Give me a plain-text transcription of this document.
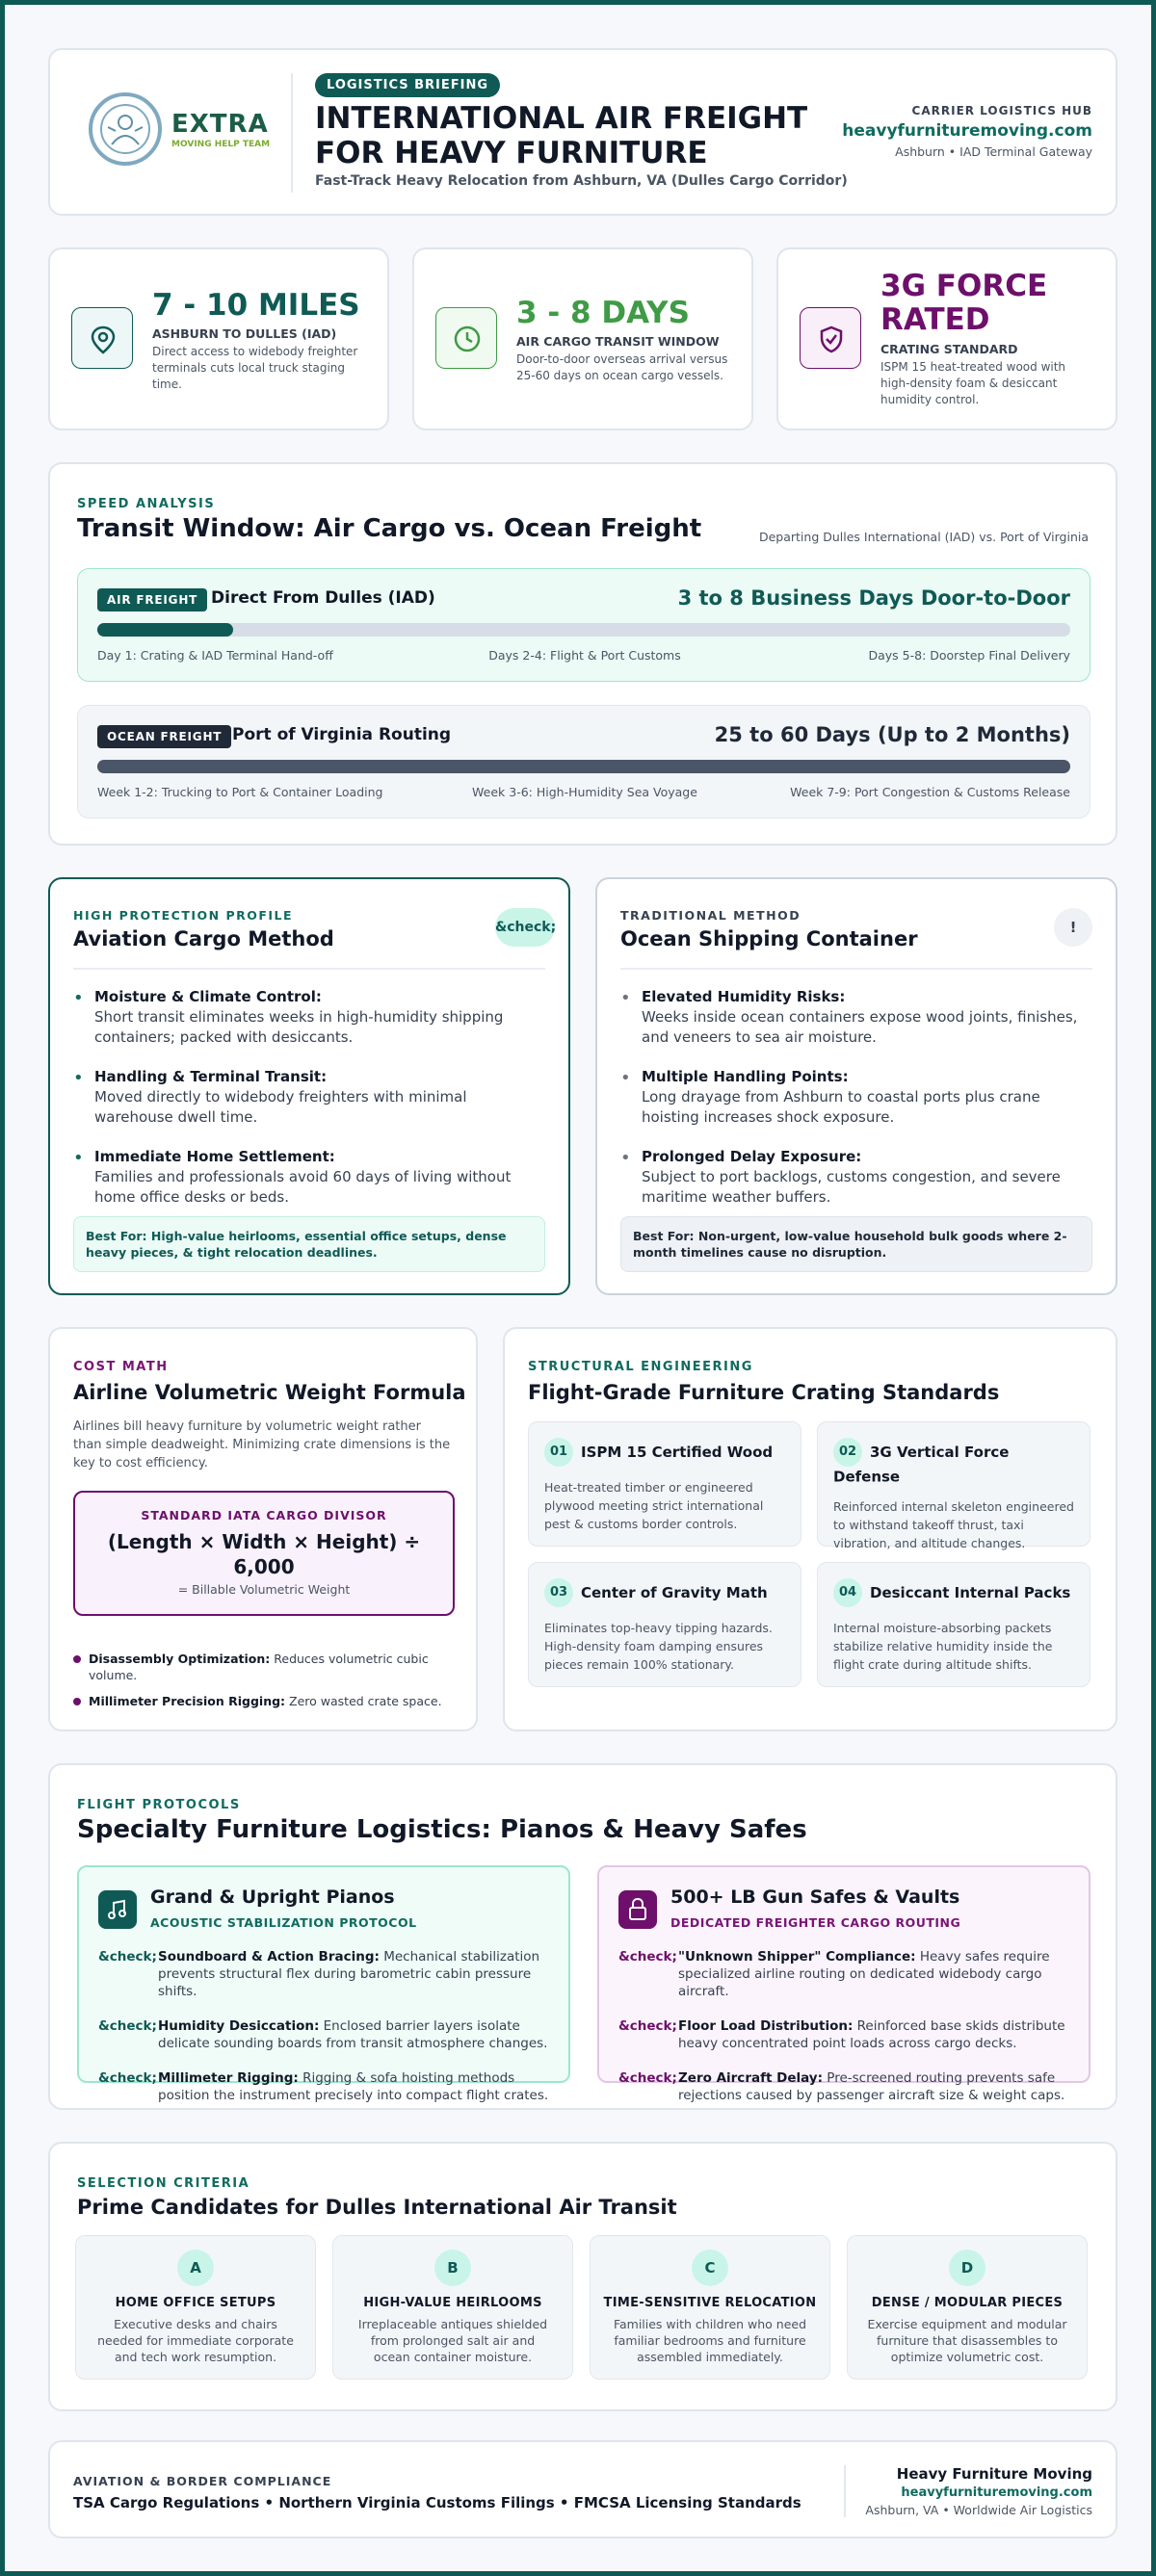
EXTRA
MOVING HELP TEAM
LOGISTICS BRIEFING
INTERNATIONAL AIR FREIGHT
FOR HEAVY FURNITURE
Fast-Track Heavy Relocation from Ashburn, VA (Dulles Cargo Corridor)
CARRIER LOGISTICS HUB
heavyfurnituremoving.com
Ashburn • IAD Terminal Gateway
7 - 10 MILES
ASHBURN TO DULLES (IAD)
Direct access to widebody freighter terminals cuts local truck staging time.
3 - 8 DAYS
AIR CARGO TRANSIT WINDOW
Door-to-door overseas arrival versus 25-60 days on ocean cargo vessels.
3G FORCE
RATED
CRATING STANDARD
ISPM 15 heat-treated wood with high-density foam & desiccant humidity control.
SPEED ANALYSIS
Transit Window: Air Cargo vs. Ocean Freight	Departing Dulles International (IAD) vs. Port of Virginia
AIR FREIGHT Direct From Dulles (IAD)	3 to 8 Business Days Door-to-Door
Day 1: Crating & IAD Terminal Hand-off	Days 2-4: Flight & Port Customs	Days 5-8: Doorstep Final Delivery
OCEAN FREIGHT Port of Virginia Routing	25 to 60 Days (Up to 2 Months)
Week 1-2: Trucking to Port & Container Loading	Week 3-6: High-Humidity Sea Voyage	Week 7-9: Port Congestion & Customs Release
HIGH PROTECTION PROFILE
Aviation Cargo Method	&check;
• Moisture & Climate Control:
Short transit eliminates weeks in high-humidity shipping containers; packed with desiccants.
• Handling & Terminal Transit:
Moved directly to widebody freighters with minimal warehouse dwell time.
• Immediate Home Settlement:
Families and professionals avoid 60 days of living without home office desks or beds.
Best For: High-value heirlooms, essential office setups, dense heavy pieces, & tight relocation deadlines.
TRADITIONAL METHOD
Ocean Shipping Container	!
• Elevated Humidity Risks:
Weeks inside ocean containers expose wood joints, finishes, and veneers to sea air moisture.
• Multiple Handling Points:
Long drayage from Ashburn to coastal ports plus crane hoisting increases shock exposure.
• Prolonged Delay Exposure:
Subject to port backlogs, customs congestion, and severe maritime weather buffers.
Best For: Non-urgent, low-value household bulk goods where 2-month timelines cause no disruption.
COST MATH
Airline Volumetric Weight Formula
Airlines bill heavy furniture by volumetric weight rather than simple deadweight. Minimizing crate dimensions is the key to cost efficiency.
STANDARD IATA CARGO DIVISOR
(Length × Width × Height) ÷
6,000
= Billable Volumetric Weight
Disassembly Optimization: Reduces volumetric cubic volume.
Millimeter Precision Rigging: Zero wasted crate space.
STRUCTURAL ENGINEERING
Flight-Grade Furniture Crating Standards
01 ISPM 15 Certified Wood
Heat-treated timber or engineered plywood meeting strict international pest & customs border controls.
02 3G Vertical Force Defense
Reinforced internal skeleton engineered to withstand takeoff thrust, taxi vibration, and altitude changes.
03 Center of Gravity Math
Eliminates top-heavy tipping hazards. High-density foam damping ensures pieces remain 100% stationary.
04 Desiccant Internal Packs
Internal moisture-absorbing packets stabilize relative humidity inside the flight crate during altitude shifts.
FLIGHT PROTOCOLS
Specialty Furniture Logistics: Pianos & Heavy Safes
Grand & Upright Pianos
ACOUSTIC STABILIZATION PROTOCOL
&check; Soundboard & Action Bracing: Mechanical stabilization prevents structural flex during barometric cabin pressure shifts.
&check; Humidity Desiccation: Enclosed barrier layers isolate delicate sounding boards from transit atmosphere changes.
&check; Millimeter Rigging: Rigging & sofa hoisting methods position the instrument precisely into compact flight crates.
500+ LB Gun Safes & Vaults
DEDICATED FREIGHTER CARGO ROUTING
&check; "Unknown Shipper" Compliance: Heavy safes require specialized airline routing on dedicated widebody cargo aircraft.
&check; Floor Load Distribution: Reinforced base skids distribute heavy concentrated point loads across cargo decks.
&check; Zero Aircraft Delay: Pre-screened routing prevents safe rejections caused by passenger aircraft size & weight caps.
SELECTION CRITERIA
Prime Candidates for Dulles International Air Transit
A
HOME OFFICE SETUPS
Executive desks and chairs needed for immediate corporate and tech work resumption.
B
HIGH-VALUE HEIRLOOMS
Irreplaceable antiques shielded from prolonged salt air and ocean container moisture.
C
TIME-SENSITIVE RELOCATION
Families with children who need familiar bedrooms and furniture assembled immediately.
D
DENSE / MODULAR PIECES
Exercise equipment and modular furniture that disassembles to optimize volumetric cost.
AVIATION & BORDER COMPLIANCE
TSA Cargo Regulations • Northern Virginia Customs Filings • FMCSA Licensing Standards
Heavy Furniture Moving
heavyfurnituremoving.com
Ashburn, VA • Worldwide Air Logistics
